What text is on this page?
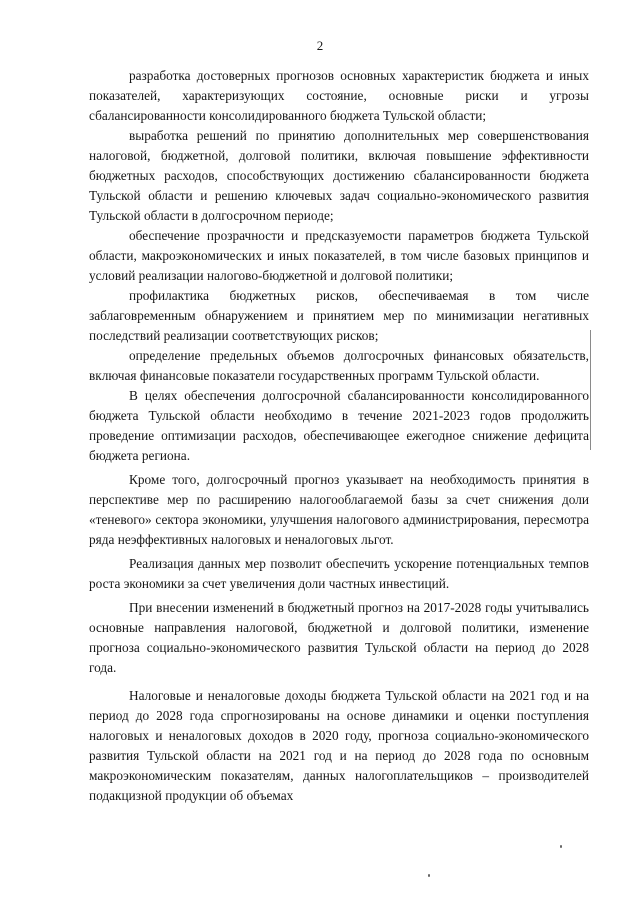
2

разработка достоверных прогнозов основных характеристик бюджета и иных показателей, характеризующих состояние, основные риски и угрозы сбалансированности консолидированного бюджета Тульской области;

выработка решений по принятию дополнительных мер совершенствования налоговой, бюджетной, долговой политики, включая повышение эффективности бюджетных расходов, способствующих достижению сбалансированности бюджета Тульской области и решению ключевых задач социально-экономического развития Тульской области в долгосрочном периоде;

обеспечение прозрачности и предсказуемости параметров бюджета Тульской области, макроэкономических и иных показателей, в том числе базовых принципов и условий реализации налогово-бюджетной и долговой политики;

профилактика бюджетных рисков, обеспечиваемая в том числе заблаговременным обнаружением и принятием мер по минимизации негативных последствий реализации соответствующих рисков;

определение предельных объемов долгосрочных финансовых обязательств, включая финансовые показатели государственных программ Тульской области.

В целях обеспечения долгосрочной сбалансированности консолидированного бюджета Тульской области необходимо в течение 2021-2023 годов продолжить проведение оптимизации расходов, обеспечивающее ежегодное снижение дефицита бюджета региона.

Кроме того, долгосрочный прогноз указывает на необходимость принятия в перспективе мер по расширению налогооблагаемой базы за счет снижения доли «теневого» сектора экономики, улучшения налогового администрирования, пересмотра ряда неэффективных налоговых и неналоговых льгот.

Реализация данных мер позволит обеспечить ускорение потенциальных темпов роста экономики за счет увеличения доли частных инвестиций.

При внесении изменений в бюджетный прогноз на 2017-2028 годы учитывались основные направления налоговой, бюджетной и долговой политики, изменение прогноза социально-экономического развития Тульской области на период до 2028 года.

Налоговые и неналоговые доходы бюджета Тульской области на 2021 год и на период до 2028 года спрогнозированы на основе динамики и оценки поступления налоговых и неналоговых доходов в 2020 году, прогноза социально-экономического развития Тульской области на 2021 год и на период до 2028 года по основным макроэкономическим показателям, данных налогоплательщиков – производителей подакцизной продукции об объемах
